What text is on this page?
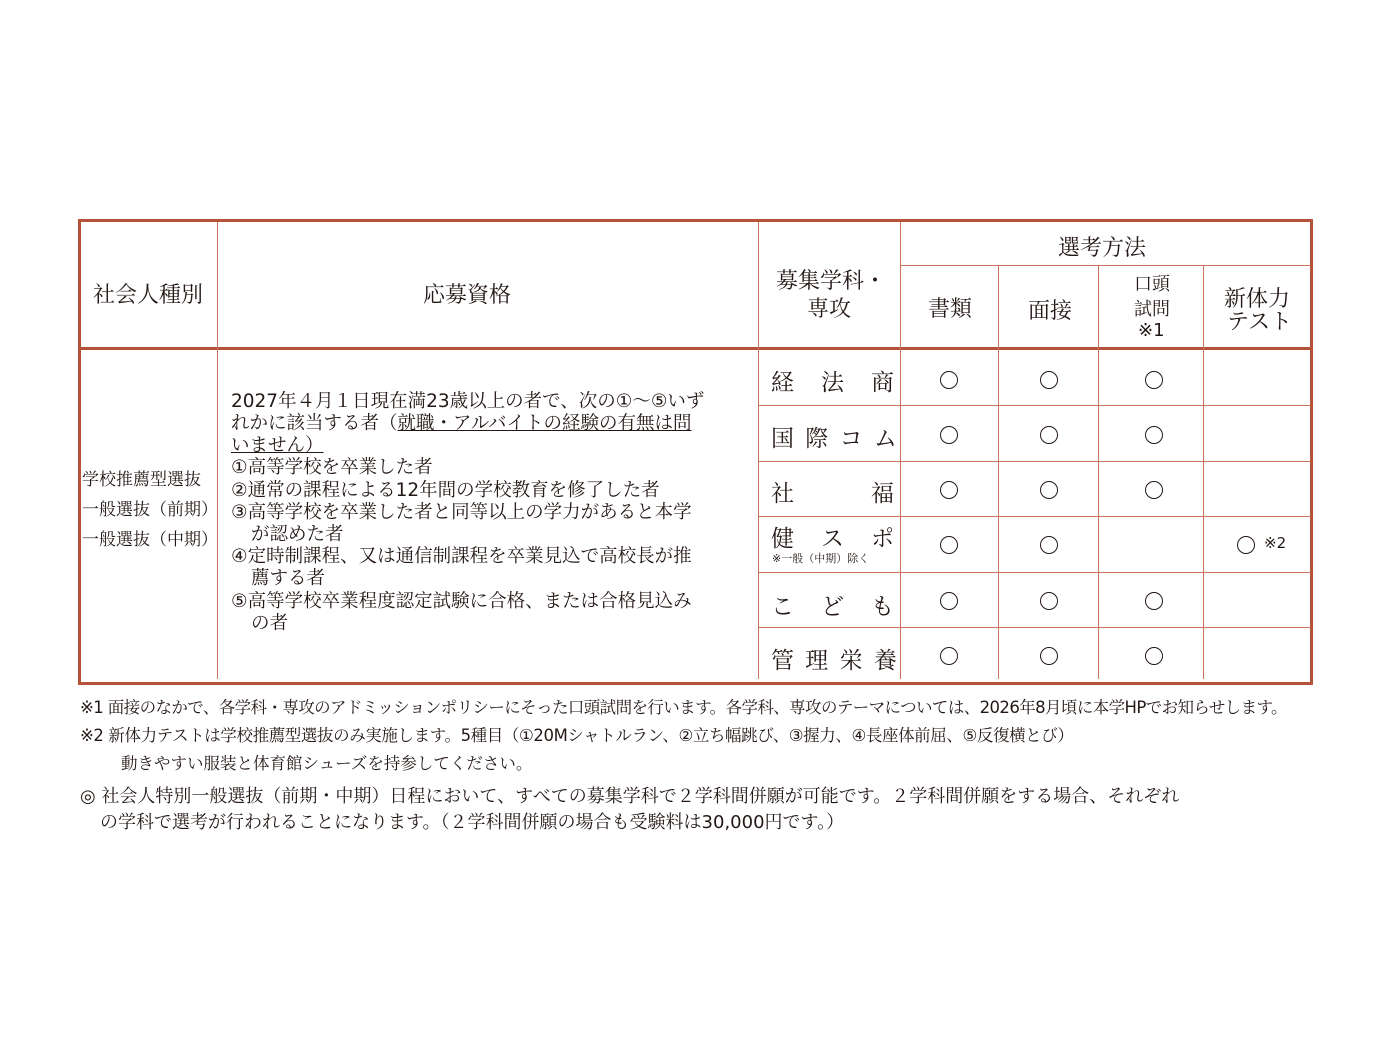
社会人種別	応募資格
募集学科・
専攻
選考方法
書類	面接
口頭
試問
※1
新体力
テスト
学校推薦型選抜
一般選抜（前期）
一般選抜（中期）
2027年４月１日現在満23歳以上の者で、次の①〜⑤いず
れかに該当する者（就職・アルバイトの経験の有無は問
いません）
①高等学校を卒業した者
②通常の課程による12年間の学校教育を修了した者
③高等学校を卒業した者と同等以上の学力があると本学
が認めた者
④定時制課程、又は通信制課程を卒業見込で高校長が推
薦する者
⑤高等学校卒業程度認定試験に合格、または合格見込み
の者
経　法　商
国 際 コ ム
社　　　福
健　ス　ポ
※一般（中期）除く
こ　ど　も
管 理 栄 養
※2
※1 面接のなかで、各学科・専攻のアドミッションポリシーにそった口頭試問を行います。各学科、専攻のテーマについては、2026年8月頃に本学HPでお知らせします。
※2 新体力テストは学校推薦型選抜のみ実施します。5種目（①20Mシャトルラン、②立ち幅跳び、③握力、④長座体前屈、⑤反復横とび）
動きやすい服装と体育館シューズを持参してください。
◎ 社会人特別一般選抜（前期・中期）日程において、すべての募集学科で２学科間併願が可能です。２学科間併願をする場合、それぞれ
の学科で選考が行われることになります。（２学科間併願の場合も受験料は30,000円です。）
